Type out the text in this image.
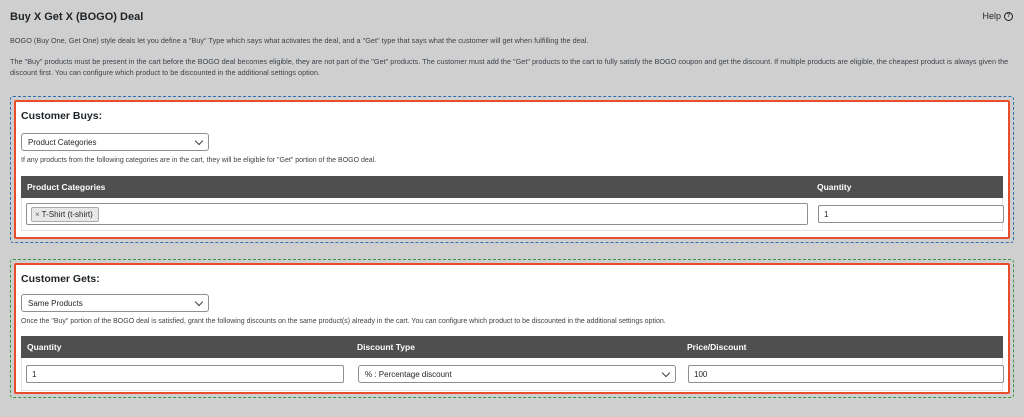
Buy X Get X (BOGO) Deal	Help ?
BOGO (Buy One, Get One) style deals let you define a "Buy" Type which says what activates the deal, and a "Get" type that says what the customer will get when fulfilling the deal.
The "Buy" products must be present in the cart before the BOGO deal becomes eligible, they are not part of the "Get" products. The customer must add the "Get" products to the cart to fully satisfy the BOGO coupon and get the discount. If multiple products are eligible, the cheapest product is always given the discount first. You can configure which product to be discounted in the additional settings option.
Customer Buys:
Product Categories
If any products from the following categories are in the cart, they will be eligible for "Get" portion of the BOGO deal.
Product Categories	Quantity
× T-Shirt (t-shirt)	1
Customer Gets:
Same Products
Once the "Buy" portion of the BOGO deal is satisfied, grant the following discounts on the same product(s) already in the cart. You can configure which product to be discounted in the additional settings option.
Quantity	Discount Type	Price/Discount
1	% : Percentage discount	100
